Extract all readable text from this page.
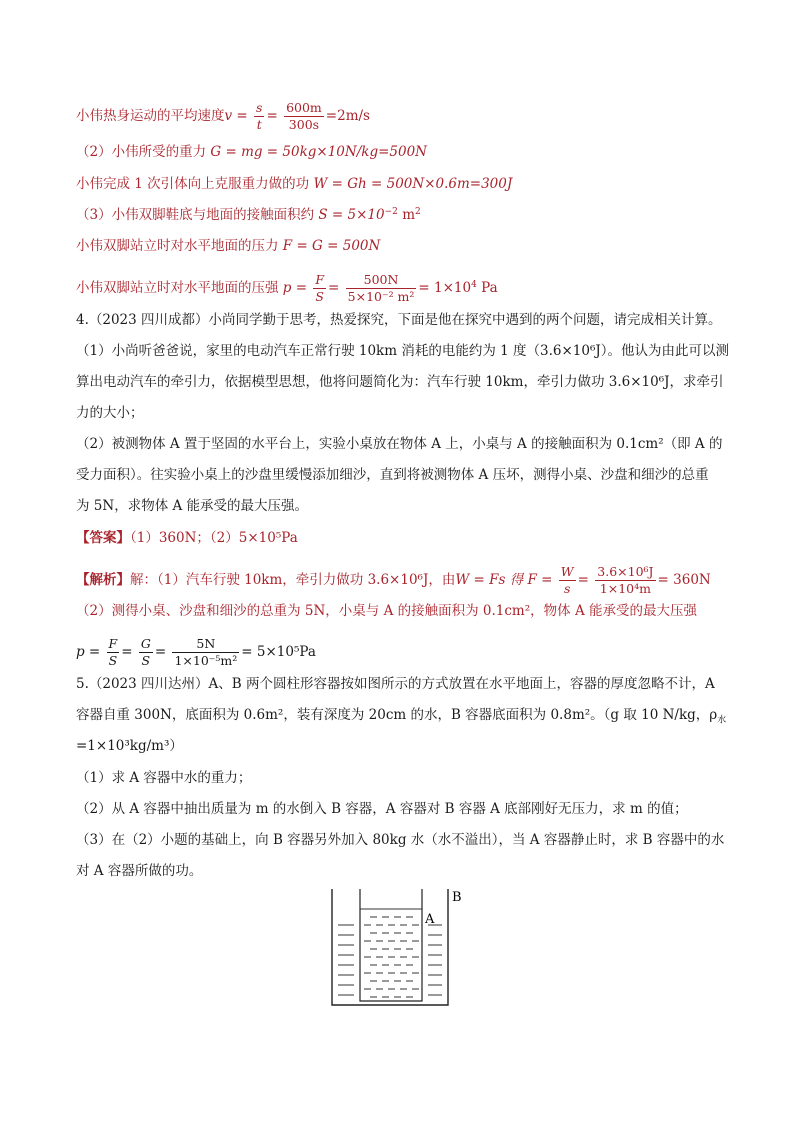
小伟热身运动的平均速度$v = \frac{s}{t} = \frac{600m}{300s} =2m/s$
（2）小伟所受的重力 G = mg = 50kg×10N/kg=500N
小伟完成 1 次引体向上克服重力做的功 W = Gh = 500N×0.6m=300J
（3）小伟双脚鞋底与地面的接触面积约 $S = 5\times 10^{-2}$ $m^2$
小伟双脚站立时对水平地面的压力 F = G = 500N
小伟双脚站立时对水平地面的压强 $p = \frac{F}{S} = \frac{500N}{\text{5×10⁻² m²}} = 1\times 10^4$ Pa
4.（2023 四川成都）小尚同学勤于思考，热爱探究，下面是他在探究中遇到的两个问题，请完成相关计算。
（1）小尚听爸爸说，家里的电动汽车正常行驶 10km 消耗的电能约为 1 度（3.6×10⁶J）。他认为由此可以测
算出电动汽车的牵引力，依据模型思想，他将问题简化为：汽车行驶 10km，牵引力做功 3.6×10⁶J，求牵引
力的大小；
（2）被测物体 A 置于坚固的水平台上，实验小桌放在物体 A 上，小桌与 A 的接触面积为 0.1cm²（即 A 的
受力面积）。往实验小桌上的沙盘里缓慢添加细沙，直到将被测物体 A 压坏，测得小桌、沙盘和细沙的总重
为 5N，求物体 A 能承受的最大压强。
【答案】（1）360N；（2）5×10⁵Pa
【解析】解：（1）汽车行驶 10km，牵引力做功 3.6×10⁶J，由W = Fs 得 $F = \frac{W}{s} = \frac{\text{3.6×10⁶J}}{\text{1×10⁴m}} = 360N$
（2）测得小桌、沙盘和细沙的总重为 5N，小桌与 A 的接触面积为 0.1cm²，物体 A 能承受的最大压强
$p = \frac{F}{S} = \frac{G}{S} = \frac{5N}{\text{1×10⁻⁵m²}} = 5\times 10^5Pa$
5.（2023 四川达州）A、B 两个圆柱形容器按如图所示的方式放置在水平地面上，容器的厚度忽略不计，A
容器自重 300N，底面积为 0.6m²，装有深度为 20cm 的水，B 容器底面积为 0.8m²。（g 取 10 N/kg，$\rho_水$
=1×10³kg/m³）
（1）求 A 容器中水的重力；
（2）从 A 容器中抽出质量为 m 的水倒入 B 容器，A 容器对 B 容器 A 底部刚好无压力，求 m 的值；
（3）在（2）小题的基础上，向 B 容器另外加入 80kg 水（水不溢出），当 A 容器静止时，求 B 容器中的水
对 A 容器所做的功。
A
B
